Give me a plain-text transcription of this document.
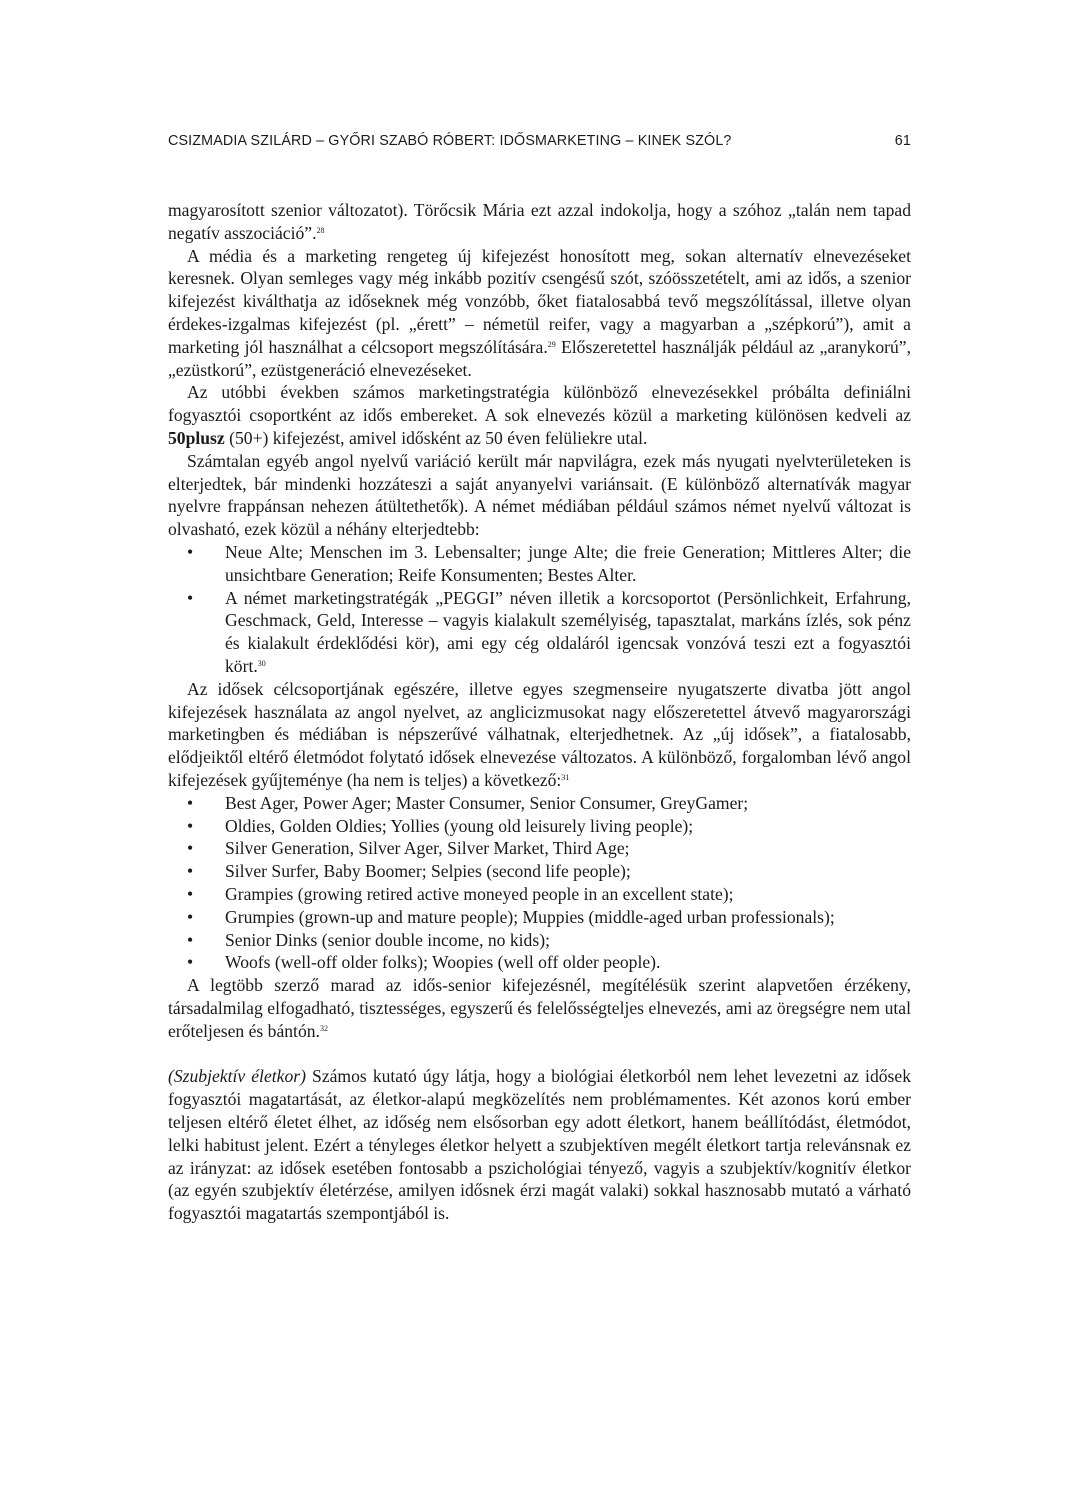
CSIZMADIA SZILÁRD – GYŐRI SZABÓ RÓBERT: IDŐSMARKETING – KINEK SZÓL?	61

magyarosított szenior változatot). Törőcsik Mária ezt azzal indokolja, hogy a szóhoz „talán nem tapad negatív asszociáció”.$^{28}$

A média és a marketing rengeteg új kifejezést honosított meg, sokan alternatív elnevezéseket keresnek. Olyan semleges vagy még inkább pozitív csengésű szót, szóösszetételt, ami az idős, a szenior kifejezést kiválthatja az időseknek még vonzóbb, őket fiatalosabbá tevő megszólítással, illetve olyan érdekes-izgalmas kifejezést (pl. „érett” – németül reifer, vagy a magyarban a „szépkorú”), amit a marketing jól használhat a célcsoport megszólítására.$^{29}$ Előszeretettel használják például az „aranykorú”, „ezüstkorú”, ezüstgeneráció elnevezéseket.

Az utóbbi években számos marketingstratégia különböző elnevezésekkel próbálta definiálni fogyasztói csoportként az idős embereket. A sok elnevezés közül a marketing különösen kedveli az 50plusz (50+) kifejezést, amivel idősként az 50 éven felüliekre utal.

Számtalan egyéb angol nyelvű variáció került már napvilágra, ezek más nyugati nyelvterületeken is elterjedtek, bár mindenki hozzáteszi a saját anyanyelvi variánsait. (E különböző alternatívák magyar nyelvre frappánsan nehezen átültethetők). A német médiában például számos német nyelvű változat is olvasható, ezek közül a néhány elterjedtebb:

• Neue Alte; Menschen im 3. Lebensalter; junge Alte; die freie Generation; Mittleres Alter; die unsichtbare Generation; Reife Konsumenten; Bestes Alter.
• A német marketingstratégák „PEGGI” néven illetik a korcsoportot (Persönlichkeit, Erfahrung, Geschmack, Geld, Interesse – vagyis kialakult személyiség, tapasztalat, markáns ízlés, sok pénz és kialakult érdeklődési kör), ami egy cég oldaláról igencsak vonzóvá teszi ezt a fogyasztói kört.$^{30}$

Az idősek célcsoportjának egészére, illetve egyes szegmenseire nyugatszerte divatba jött angol kifejezések használata az angol nyelvet, az anglicizmusokat nagy előszeretettel átvevő magyarországi marketingben és médiában is népszerűvé válhatnak, elterjedhetnek. Az „új idősek”, a fiatalosabb, elődjeiktől eltérő életmódot folytató idősek elnevezése változatos. A különböző, forgalomban lévő angol kifejezések gyűjteménye (ha nem is teljes) a következő:$^{31}$

• Best Ager, Power Ager; Master Consumer, Senior Consumer, GreyGamer;
• Oldies, Golden Oldies; Yollies (young old leisurely living people);
• Silver Generation, Silver Ager, Silver Market, Third Age;
• Silver Surfer, Baby Boomer; Selpies (second life people);
• Grampies (growing retired active moneyed people in an excellent state);
• Grumpies (grown-up and mature people); Muppies (middle-aged urban professionals);
• Senior Dinks (senior double income, no kids);
• Woofs (well-off older folks); Woopies (well off older people).

A legtöbb szerző marad az idős-senior kifejezésnél, megítélésük szerint alapvetően érzékeny, társadalmilag elfogadható, tisztességes, egyszerű és felelősségteljes elnevezés, ami az öregségre nem utal erőteljesen és bántón.$^{32}$

(Szubjektív életkor) Számos kutató úgy látja, hogy a biológiai életkorból nem lehet levezetni az idősek fogyasztói magatartását, az életkor-alapú megközelítés nem problémamentes. Két azonos korú ember teljesen eltérő életet élhet, az időség nem elsősorban egy adott életkort, hanem beállítódást, életmódot, lelki habitust jelent. Ezért a tényleges életkor helyett a szubjektíven megélt életkort tartja relevánsnak ez az irányzat: az idősek esetében fontosabb a pszichológiai tényező, vagyis a szubjektív/kognitív életkor (az egyén szubjektív életérzése, amilyen idősnek érzi magát valaki) sokkal hasznosabb mutató a várható fogyasztói magatartás szempontjából is.
